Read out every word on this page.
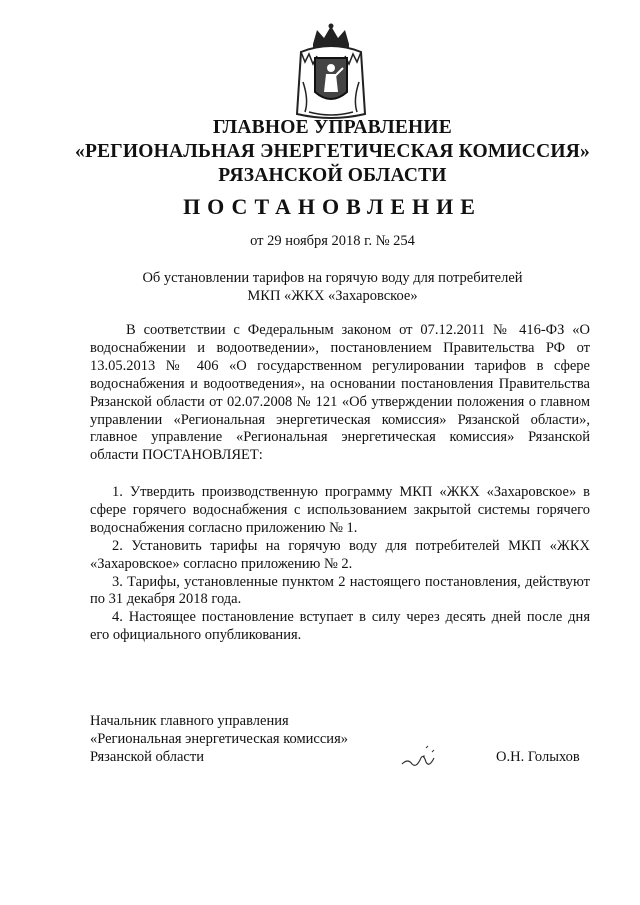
ГЛАВНОЕ УПРАВЛЕНИЕ
«РЕГИОНАЛЬНАЯ ЭНЕРГЕТИЧЕСКАЯ КОМИССИЯ»
РЯЗАНСКОЙ ОБЛАСТИ
ПОСТАНОВЛЕНИЕ
от 29 ноября 2018 г. № 254
Об установлении тарифов на горячую воду для потребителей
МКП «ЖКХ «Захаровское»

В соответствии с Федеральным законом от 07.12.2011 № 416-ФЗ «О водоснабжении и водоотведении», постановлением Правительства РФ от 13.05.2013 № 406 «О государственном регулировании тарифов в сфере водоснабжения и водоотведения», на основании постановления Правительства Рязанской области от 02.07.2008 № 121 «Об утверждении положения о главном управлении «Региональная энергетическая комиссия» Рязанской области», главное управление «Региональная энергетическая комиссия» Рязанской области ПОСТАНОВЛЯЕТ:

1. Утвердить производственную программу МКП «ЖКХ «Захаровское» в сфере горячего водоснабжения с использованием закрытой системы горячего водоснабжения согласно приложению № 1.

2. Установить тарифы на горячую воду для потребителей МКП «ЖКХ «Захаровское» согласно приложению № 2.

3. Тарифы, установленные пунктом 2 настоящего постановления, действуют по 31 декабря 2018 года.

4. Настоящее постановление вступает в силу через десять дней после дня его официального опубликования.

Начальник главного управления
«Региональная энергетическая комиссия»
Рязанской области	О.Н. Голыхов
